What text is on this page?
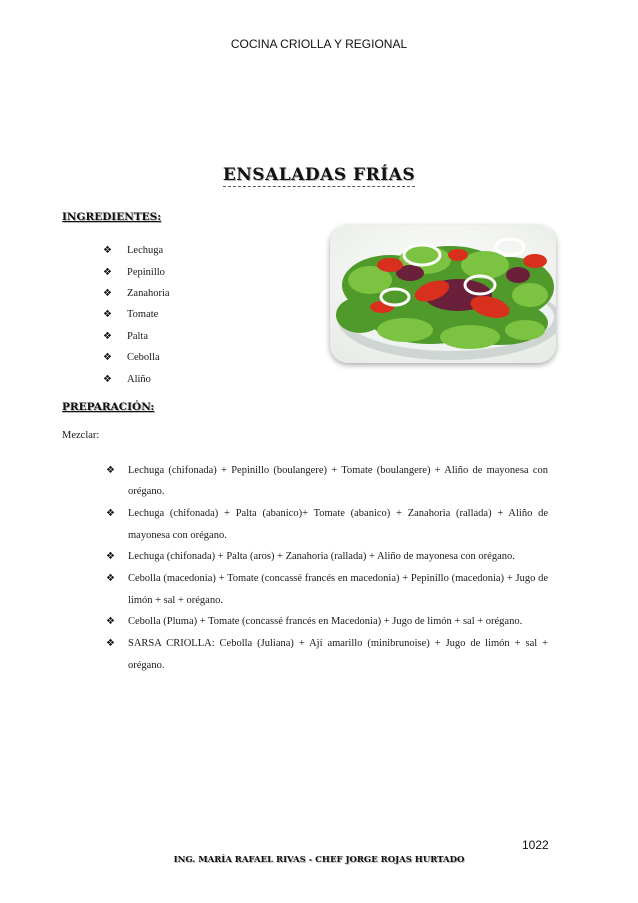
COCINA CRIOLLA Y REGIONAL
ENSALADAS FRÍAS
INGREDIENTES:
❖ Lechuga
❖ Pepinillo
❖ Zanahoria
❖ Tomate
❖ Palta
❖ Cebolla
❖ Aliño
PREPARACIÓN:
Mezclar:
❖ Lechuga (chifonada) + Pepinillo (boulangere) + Tomate (boulangere) + Aliño de mayonesa con orégano.
❖ Lechuga (chifonada) + Palta (abanico)+ Tomate (abanico) + Zanahoria (rallada) + Aliño de mayonesa con orégano.
❖ Lechuga (chifonada) + Palta (aros) + Zanahoria (rallada) + Aliño de mayonesa con orégano.
❖ Cebolla (macedonia) + Tomate (concassé francés en macedonia) + Pepinillo (macedonia) + Jugo de limón + sal + orégano.
❖ Cebolla (Pluma) + Tomate (concassé francés en Macedonia) + Jugo de limón + sal + orégano.
❖ SARSA CRIOLLA: Cebolla (Juliana) + Ají amarillo (minibrunoise) + Jugo de limón + sal + orégano.
1022
ING. MARÍA RAFAEL RIVAS - CHEF JORGE ROJAS HURTADO
